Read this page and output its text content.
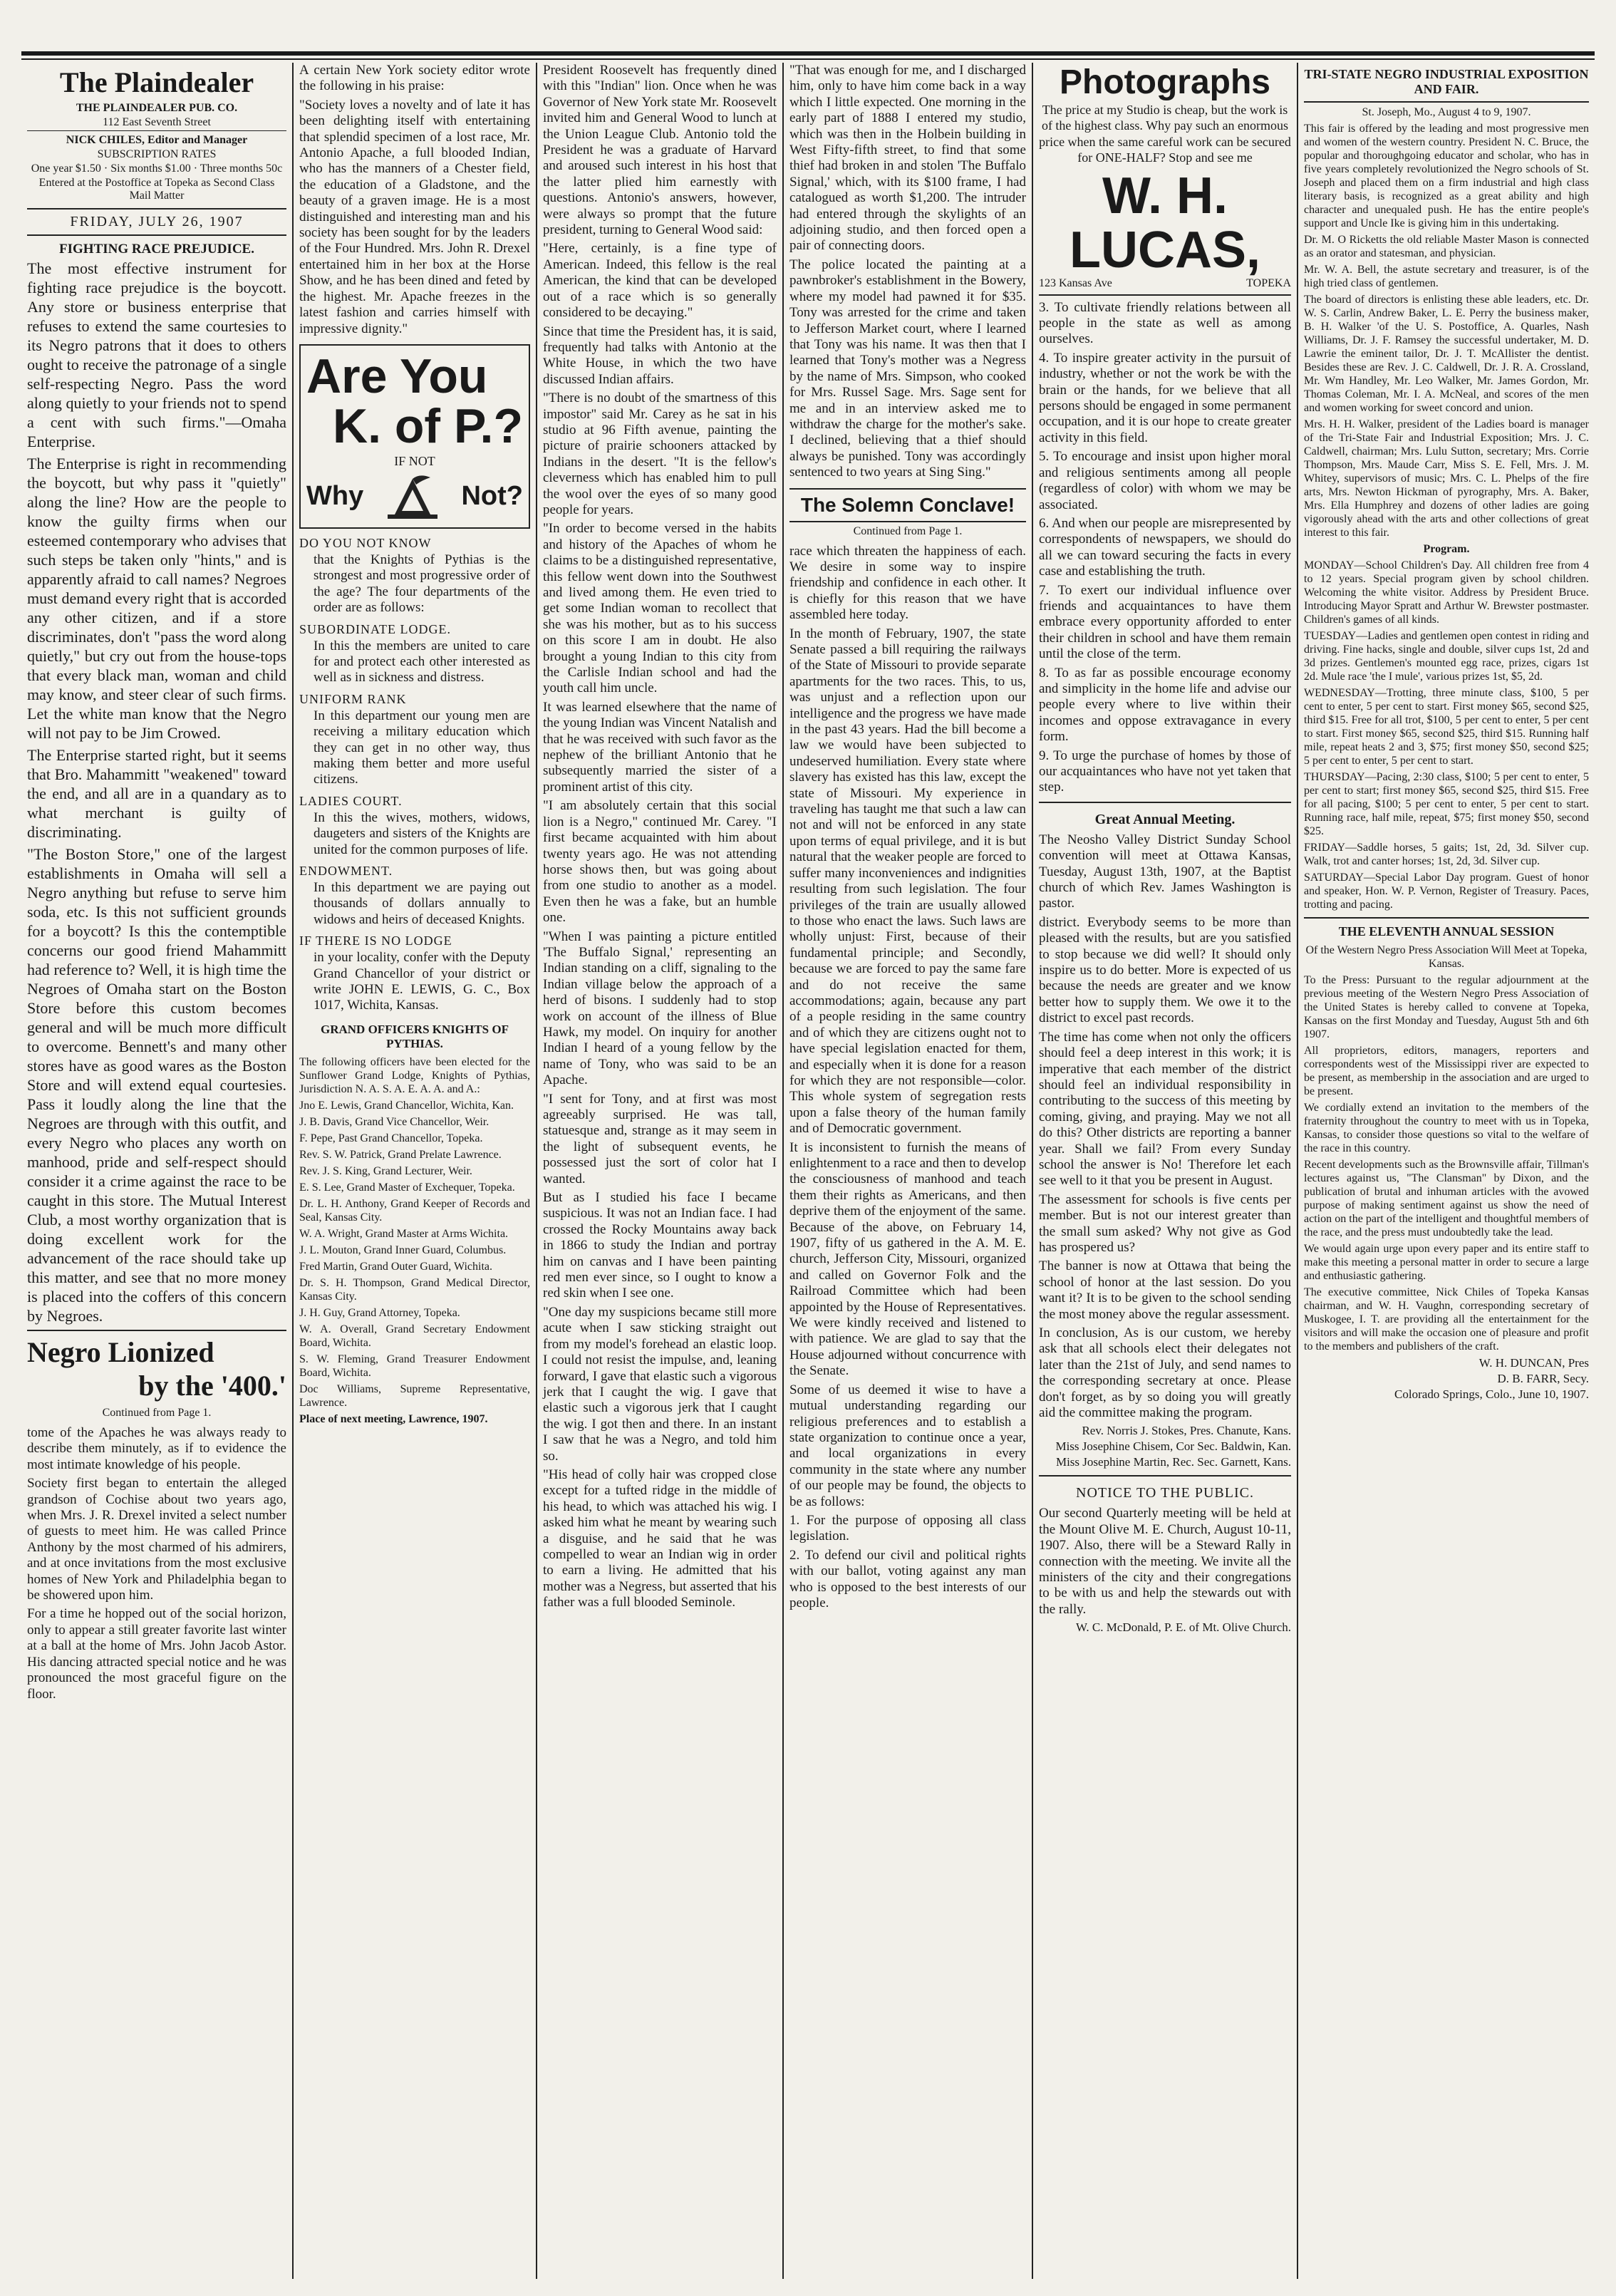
The Plaindealer
THE PLAINDEALER PUB. CO.
112 East Seventh Street
NICK CHILES, Editor and Manager
SUBSCRIPTION RATES
One year $1.50 · Six months $1.00 · Three months 50c
Entered at the Postoffice at Topeka as Second Class Mail Matter
FRIDAY, JULY 26, 1907
FIGHTING RACE PREJUDICE.

The most effective instrument for fighting race prejudice is the boycott. Any store or business enterprise that refuses to extend the same courtesies to its Negro patrons that it does to others ought to receive the patronage of a single self-respecting Negro. Pass the word along quietly to your friends not to spend a cent with such firms."—Omaha Enterprise.

The Enterprise is right in recommending the boycott, but why pass it "quietly" along the line? How are the people to know the guilty firms when our esteemed contemporary who advises that such steps be taken only "hints," and is apparently afraid to call names? Negroes must demand every right that is accorded any other citizen, and if a store discriminates, don't "pass the word along quietly," but cry out from the house-tops that every black man, woman and child may know, and steer clear of such firms. Let the white man know that the Negro will not pay to be Jim Crowed.

The Enterprise started right, but it seems that Bro. Mahammitt "weakened" toward the end, and all are in a quandary as to what merchant is guilty of discriminating.

"The Boston Store," one of the largest establishments in Omaha will sell a Negro anything but refuse to serve him soda, etc. Is this not sufficient grounds for a boycott? Is this the contemptible concerns our good friend Mahammitt had reference to? Well, it is high time the Negroes of Omaha start on the Boston Store before this custom becomes general and will be much more difficult to overcome. Bennett's and many other stores have as good wares as the Boston Store and will extend equal courtesies. Pass it loudly along the line that the Negroes are through with this outfit, and every Negro who places any worth on manhood, pride and self-respect should consider it a crime against the race to be caught in this store. The Mutual Interest Club, a most worthy organization that is doing excellent work for the advancement of the race should take up this matter, and see that no more money is placed into the coffers of this concern by Negroes.

Negro Lionized
by the '400.'
Continued from Page 1.

tome of the Apaches he was always ready to describe them minutely, as if to evidence the most intimate knowledge of his people.

Society first began to entertain the alleged grandson of Cochise about two years ago, when Mrs. J. R. Drexel invited a select number of guests to meet him. He was called Prince Anthony by the most charmed of his admirers, and at once invitations from the most exclusive homes of New York and Philadelphia began to be showered upon him.

For a time he hopped out of the social horizon, only to appear a still greater favorite last winter at a ball at the home of Mrs. John Jacob Astor. His dancing attracted special notice and he was pronounced the most graceful figure on the floor.

A certain New York society editor wrote the following in his praise:

"Society loves a novelty and of late it has been delighting itself with entertaining that splendid specimen of a lost race, Mr. Antonio Apache, a full blooded Indian, who has the manners of a Chester field, the education of a Gladstone, and the beauty of a graven image. He is a most distinguished and interesting man and his society has been sought for by the leaders of the Four Hundred. Mrs. John R. Drexel entertained him in her box at the Horse Show, and he has been dined and feted by the highest. Mr. Apache freezes in the latest fashion and carries himself with impressive dignity."

Are You
K. of P.?
IF NOT
Why	Not?
DO YOU NOT KNOW

that the Knights of Pythias is the strongest and most progressive order of the age? The four departments of the order are as follows:

SUBORDINATE LODGE.

In this the members are united to care for and protect each other interested as well as in sickness and distress.

UNIFORM RANK

In this department our young men are receiving a military education which they can get in no other way, thus making them better and more useful citizens.

LADIES COURT.

In this the wives, mothers, widows, daugeters and sisters of the Knights are united for the common purposes of life.

ENDOWMENT.

In this department we are paying out thousands of dollars annually to widows and heirs of deceased Knights.

IF THERE IS NO LODGE

in your locality, confer with the Deputy Grand Chancellor of your district or write JOHN E. LEWIS, G. C., Box 1017, Wichita, Kansas.

GRAND OFFICERS KNIGHTS OF PYTHIAS.

The following officers have been elected for the Sunflower Grand Lodge, Knights of Pythias, Jurisdiction N. A. S. A. E. A. A. and A.:

Jno E. Lewis, Grand Chancellor, Wichita, Kan.

J. B. Davis, Grand Vice Chancellor, Weir.

F. Pepe, Past Grand Chancellor, Topeka.

Rev. S. W. Patrick, Grand Prelate Lawrence.

Rev. J. S. King, Grand Lecturer, Weir.

E. S. Lee, Grand Master of Exchequer, Topeka.

Dr. L. H. Anthony, Grand Keeper of Records and Seal, Kansas City.

W. A. Wright, Grand Master at Arms Wichita.

J. L. Mouton, Grand Inner Guard, Columbus.

Fred Martin, Grand Outer Guard, Wichita.

Dr. S. H. Thompson, Grand Medical Director, Kansas City.

J. H. Guy, Grand Attorney, Topeka.

W. A. Overall, Grand Secretary Endowment Board, Wichita.

S. W. Fleming, Grand Treasurer Endowment Board, Wichita.

Doc Williams, Supreme Representative, Lawrence.

Place of next meeting, Lawrence, 1907.

President Roosevelt has frequently dined with this "Indian" lion. Once when he was Governor of New York state Mr. Roosevelt invited him and General Wood to lunch at the Union League Club. Antonio told the President he was a graduate of Harvard and aroused such interest in his host that the latter plied him earnestly with questions. Antonio's answers, however, were always so prompt that the future president, turning to General Wood said:

"Here, certainly, is a fine type of American. Indeed, this fellow is the real American, the kind that can be developed out of a race which is so generally considered to be decaying."

Since that time the President has, it is said, frequently had talks with Antonio at the White House, in which the two have discussed Indian affairs.

"There is no doubt of the smartness of this impostor" said Mr. Carey as he sat in his studio at 96 Fifth avenue, painting the picture of prairie schooners attacked by Indians in the desert. "It is the fellow's cleverness which has enabled him to pull the wool over the eyes of so many good people for years.

"In order to become versed in the habits and history of the Apaches of whom he claims to be a distinguished representative, this fellow went down into the Southwest and lived among them. He even tried to get some Indian woman to recollect that she was his mother, but as to his success on this score I am in doubt. He also brought a young Indian to this city from the Carlisle Indian school and had the youth call him uncle.

It was learned elsewhere that the name of the young Indian was Vincent Natalish and that he was received with such favor as the nephew of the brilliant Antonio that he subsequently married the sister of a prominent artist of this city.

"I am absolutely certain that this social lion is a Negro," continued Mr. Carey. "I first became acquainted with him about twenty years ago. He was not attending horse shows then, but was going about from one studio to another as a model. Even then he was a fake, but an humble one.

"When I was painting a picture entitled 'The Buffalo Signal,' representing an Indian standing on a cliff, signaling to the Indian village below the approach of a herd of bisons. I suddenly had to stop work on account of the illness of Blue Hawk, my model. On inquiry for another Indian I heard of a young fellow by the name of Tony, who was said to be an Apache.

"I sent for Tony, and at first was most agreeably surprised. He was tall, statuesque and, strange as it may seem in the light of subsequent events, he possessed just the sort of color hat I wanted.

But as I studied his face I became suspicious. It was not an Indian face. I had crossed the Rocky Mountains away back in 1866 to study the Indian and portray him on canvas and I have been painting red men ever since, so I ought to know a red skin when I see one.

"One day my suspicions became still more acute when I saw sticking straight out from my model's forehead an elastic loop. I could not resist the impulse, and, leaning forward, I gave that elastic such a vigorous jerk that I caught the wig. I gave that elastic such a vigorous jerk that I caught the wig. I got then and there. In an instant I saw that he was a Negro, and told him so.

"His head of colly hair was cropped close except for a tufted ridge in the middle of his head, to which was attached his wig. I asked him what he meant by wearing such a disguise, and he said that he was compelled to wear an Indian wig in order to earn a living. He admitted that his mother was a Negress, but asserted that his father was a full blooded Seminole.

"That was enough for me, and I discharged him, only to have him come back in a way which I little expected. One morning in the early part of 1888 I entered my studio, which was then in the Holbein building in West Fifty-fifth street, to find that some thief had broken in and stolen 'The Buffalo Signal,' which, with its $100 frame, I had catalogued as worth $1,200. The intruder had entered through the skylights of an adjoining studio, and then forced open a pair of connecting doors.

The police located the painting at a pawnbroker's establishment in the Bowery, where my model had pawned it for $35. Tony was arrested for the crime and taken to Jefferson Market court, where I learned that Tony was his name. It was then that I learned that Tony's mother was a Negress by the name of Mrs. Simpson, who cooked for Mrs. Russel Sage. Mrs. Sage sent for me and in an interview asked me to withdraw the charge for the mother's sake. I declined, believing that a thief should always be punished. Tony was accordingly sentenced to two years at Sing Sing."

The Solemn Conclave!
Continued from Page 1.

race which threaten the happiness of each. We desire in some way to inspire friendship and confidence in each other. It is chiefly for this reason that we have assembled here today.

In the month of February, 1907, the state Senate passed a bill requiring the railways of the State of Missouri to provide separate apartments for the two races. This, to us, was unjust and a reflection upon our intelligence and the progress we have made in the past 43 years. Had the bill become a law we would have been subjected to undeserved humiliation. Every state where slavery has existed has this law, except the state of Missouri. My experience in traveling has taught me that such a law can not and will not be enforced in any state upon terms of equal privilege, and it is but natural that the weaker people are forced to suffer many inconveniences and indignities resulting from such legislation. The four privileges of the train are usually allowed to those who enact the laws. Such laws are wholly unjust: First, because of their fundamental principle; and Secondly, because we are forced to pay the same fare and do not receive the same accommodations; again, because any part of a people residing in the same country and of which they are citizens ought not to have special legislation enacted for them, and especially when it is done for a reason for which they are not responsible—color. This whole system of segregation rests upon a false theory of the human family and of Democratic government.

It is inconsistent to furnish the means of enlightenment to a race and then to develop the consciousness of manhood and teach them their rights as Americans, and then deprive them of the enjoyment of the same. Because of the above, on February 14, 1907, fifty of us gathered in the A. M. E. church, Jefferson City, Missouri, organized and called on Governor Folk and the Railroad Committee which had been appointed by the House of Representatives. We were kindly received and listened to with patience. We are glad to say that the House adjourned without concurrence with the Senate.

Some of us deemed it wise to have a mutual understanding regarding our religious preferences and to establish a state organization to continue once a year, and local organizations in every community in the state where any number of our people may be found, the objects to be as follows:

1. For the purpose of opposing all class legislation.

2. To defend our civil and political rights with our ballot, voting against any man who is opposed to the best interests of our people.

Photographs

The price at my Studio is cheap, but the work is of the highest class. Why pay such an enormous price when the same careful work can be secured for ONE-HALF? Stop and see me

W. H. LUCAS,
123 Kansas Ave	TOPEKA

3. To cultivate friendly relations between all people in the state as well as among ourselves.

4. To inspire greater activity in the pursuit of industry, whether or not the work be with the brain or the hands, for we believe that all persons should be engaged in some permanent occupation, and it is our hope to create greater activity in this field.

5. To encourage and insist upon higher moral and religious sentiments among all people (regardless of color) with whom we may be associated.

6. And when our people are misrepresented by correspondents of newspapers, we should do all we can toward securing the facts in every case and establishing the truth.

7. To exert our individual influence over friends and acquaintances to have them embrace every opportunity afforded to enter their children in school and have them remain until the close of the term.

8. To as far as possible encourage economy and simplicity in the home life and advise our people every where to live within their incomes and oppose extravagance in every form.

9. To urge the purchase of homes by those of our acquaintances who have not yet taken that step.

Great Annual Meeting.

The Neosho Valley District Sunday School convention will meet at Ottawa Kansas, Tuesday, August 13th, 1907, at the Baptist church of which Rev. James Washington is pastor.

district. Everybody seems to be more than pleased with the results, but are you satisfied to stop because we did well? It should only inspire us to do better. More is expected of us because the needs are greater and we know better how to supply them. We owe it to the district to excel past records.

The time has come when not only the officers should feel a deep interest in this work; it is imperative that each member of the district should feel an individual responsibility in contributing to the success of this meeting by coming, giving, and praying. May we not all do this? Other districts are reporting a banner year. Shall we fail? From every Sunday school the answer is No! Therefore let each see well to it that you be present in August.

The assessment for schools is five cents per member. But is not our interest greater than the small sum asked? Why not give as God has prospered us?

The banner is now at Ottawa that being the school of honor at the last session. Do you want it? It is to be given to the school sending the most money above the regular assessment.

In conclusion, As is our custom, we hereby ask that all schools elect their delegates not later than the 21st of July, and send names to the corresponding secretary at once. Please don't forget, as by so doing you will greatly aid the committee making the program.

Rev. Norris J. Stokes, Pres. Chanute, Kans.
Miss Josephine Chisem, Cor Sec. Baldwin, Kan.
Miss Josephine Martin, Rec. Sec. Garnett, Kans.
NOTICE TO THE PUBLIC.

Our second Quarterly meeting will be held at the Mount Olive M. E. Church, August 10-11, 1907. Also, there will be a Steward Rally in connection with the meeting. We invite all the ministers of the city and their congregations to be with us and help the stewards out with the rally.

W. C. McDonald, P. E. of Mt. Olive Church.
TRI-STATE NEGRO INDUSTRIAL EXPOSITION AND FAIR.

St. Joseph, Mo., August 4 to 9, 1907.

This fair is offered by the leading and most progressive men and women of the western country. President N. C. Bruce, the popular and thoroughgoing educator and scholar, who has in five years completely revolutionized the Negro schools of St. Joseph and placed them on a firm industrial and high class literary basis, is recognized as a great ability and high character and unequaled push. He has the entire people's support and Uncle Ike is giving him in this undertaking.

Dr. M. O Ricketts the old reliable Master Mason is connected as an orator and statesman, and physician.

Mr. W. A. Bell, the astute secretary and treasurer, is of the high tried class of gentlemen.

The board of directors is enlisting these able leaders, etc. Dr. W. S. Carlin, Andrew Baker, L. E. Perry the business maker, B. H. Walker 'of the U. S. Postoffice, A. Quarles, Nash Williams, Dr. J. F. Ramsey the successful undertaker, M. D. Lawrie the eminent tailor, Dr. J. T. McAllister the dentist. Besides these are Rev. J. C. Caldwell, Dr. J. R. A. Crossland, Mr. Wm Handley, Mr. Leo Walker, Mr. James Gordon, Mr. Thomas Coleman, Mr. I. A. McNeal, and scores of the men and women working for sweet concord and union.

Mrs. H. H. Walker, president of the Ladies board is manager of the Tri-State Fair and Industrial Exposition; Mrs. J. C. Caldwell, chairman; Mrs. Lulu Sutton, secretary; Mrs. Corrie Thompson, Mrs. Maude Carr, Miss S. E. Fell, Mrs. J. M. Whitey, supervisors of music; Mrs. C. L. Phelps of the fire arts, Mrs. Newton Hickman of pyrography, Mrs. A. Baker, Mrs. Ella Humphrey and dozens of other ladies are going vigorously ahead with the arts and other collections of great interest to this fair.

Program.

MONDAY—School Children's Day. All children free from 4 to 12 years. Special program given by school children. Welcoming the white visitor. Address by President Bruce. Introducing Mayor Spratt and Arthur W. Brewster postmaster. Children's games of all kinds.

TUESDAY—Ladies and gentlemen open contest in riding and driving. Fine hacks, single and double, silver cups 1st, 2d and 3d prizes. Gentlemen's mounted egg race, prizes, cigars 1st 2d. Mule race 'the I mule', various prizes 1st, $5, 2d.

WEDNESDAY—Trotting, three minute class, $100, 5 per cent to enter, 5 per cent to start. First money $65, second $25, third $15. Free for all trot, $100, 5 per cent to enter, 5 per cent to start. First money $65, second $25, third $15. Running half mile, repeat heats 2 and 3, $75; first money $50, second $25; 5 per cent to enter, 5 per cent to start.

THURSDAY—Pacing, 2:30 class, $100; 5 per cent to enter, 5 per cent to start; first money $65, second $25, third $15. Free for all pacing, $100; 5 per cent to enter, 5 per cent to start. Running race, half mile, repeat, $75; first money $50, second $25.

FRIDAY—Saddle horses, 5 gaits; 1st, 2d, 3d. Silver cup. Walk, trot and canter horses; 1st, 2d, 3d. Silver cup.

SATURDAY—Special Labor Day program. Guest of honor and speaker, Hon. W. P. Vernon, Register of Treasury. Paces, trotting and pacing.

THE ELEVENTH ANNUAL SESSION

Of the Western Negro Press Association Will Meet at Topeka, Kansas.

To the Press: Pursuant to the regular adjournment at the previous meeting of the Western Negro Press Association of the United States is hereby called to convene at Topeka, Kansas on the first Monday and Tuesday, August 5th and 6th 1907.

All proprietors, editors, managers, reporters and correspondents west of the Mississippi river are expected to be present, as membership in the association and are urged to be present.

We cordially extend an invitation to the members of the fraternity throughout the country to meet with us in Topeka, Kansas, to consider those questions so vital to the welfare of the race in this country.

Recent developments such as the Brownsville affair, Tillman's lectures against us, "The Clansman" by Dixon, and the publication of brutal and inhuman articles with the avowed purpose of making sentiment against us show the need of action on the part of the intelligent and thoughtful members of the race, and the press must undoubtedly take the lead.

We would again urge upon every paper and its entire staff to make this meeting a personal matter in order to secure a large and enthusiastic gathering.

The executive committee, Nick Chiles of Topeka Kansas chairman, and W. H. Vaughn, corresponding secretary of Muskogee, I. T. are providing all the entertainment for the visitors and will make the occasion one of pleasure and profit to the members and publishers of the craft.

W. H. DUNCAN, Pres
D. B. FARR, Secy.
Colorado Springs, Colo., June 10, 1907.
